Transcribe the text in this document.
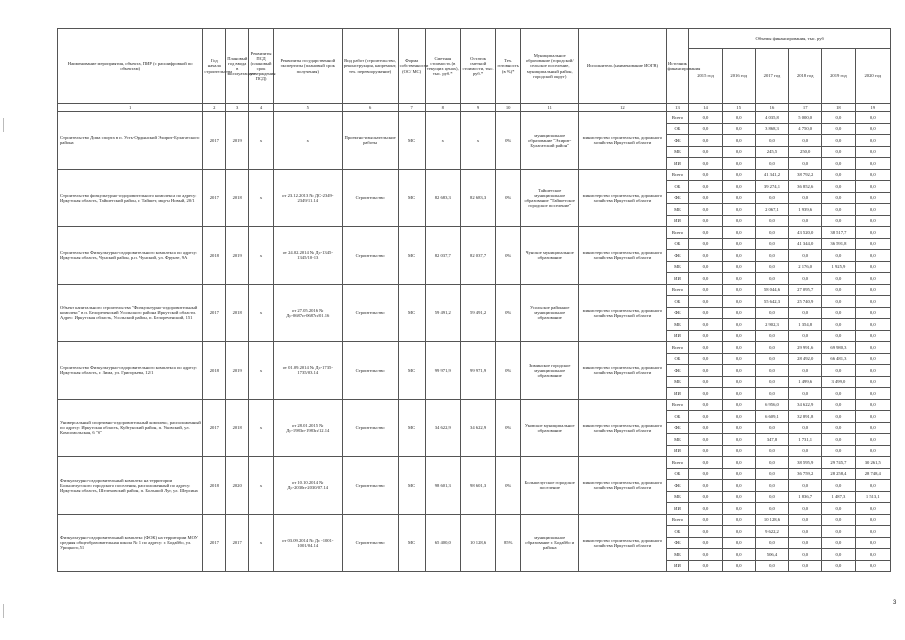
Наименование мероприятия, объекта, ПИР (с расшифровкой по объектам)	Год начала строительства	Плановый год ввода в эксплуатацию	Реквизиты ПСД (плановый срок утверждения ПСД)	Реквизиты государственной экспертизы (плановый срок получения)	Вид работ (строительство, реконструкция, капремонт, тех. перевооружение)	Форма собственности (ОС/ МС)	Сметная стоимость (в текущих ценах), тыс. руб.*	Остаток сметной стоимости, тыс. руб.*	Тех. готовность (в %)*	Муниципальное образование (городской/сельское поселение, муниципальный район, городской округ)	Исполнитель (наименование ИОГВ)	Источник финансирования	Объемы финансирования, тыс. руб					
													2015 год	2016 год	2017 год	2018 год	2019 год	2020 год
1	2	3	4	5	6	7	8	9	10	11	12	13	14	15	16	17	18	19
Строительство Дома спорта в п. Усть-Ордынский Эхирит-Булагатского района	2017	2019	х	х	Проектно-изыскательские работы	МС	х	х	0%	муниципальное образование "Эхирит-Булагатский район"	министерство строительства, дорожного хозяйства Иркутской области	Всего	0,0	0,0	4 035,8	5 000,0	0,0	0,0
												ОБ	0,0	0,0	3 868,3	4 750,0	0,0	0,0
												ФБ	0,0	0,0	0,0	0,0	0,0	0,0
												МБ	0,0	0,0	245,5	250,0	0,0	0,0
												ИИ	0,0	0,0	0,0	0,0	0,0	0,0
Строительство физкультурно-оздоровительного комплекса по адресу: Иркутская область, Тайшетский район, г. Тайшет, мкр-н Новый, 20/1	2017	2018	х	от 23.12.2013 № ДС-2349-2349/11.14	Строительство	МС	82 683,3	82 683,3	0%	Тайшетское муниципальное образование "Тайшетское городское поселение"	министерство строительства, дорожного хозяйства Иркутской области	Всего	0,0	0,0	41 341,2	38 792,2	0,0	0,0
												ОБ	0,0	0,0	39 274,1	36 852,6	0,0	0,0
												ФБ	0,0	0,0	0,0	0,0	0,0	0,0
												МБ	0,0	0,0	2 067,1	1 939,6	0,0	0,0
												ИИ	0,0	0,0	0,0	0,0	0,0	0,0
Строительство Физкультурно-оздоровительного комплекса по адресу: Иркутская область, Чунский район, р.п. Чунский, ул. Фрунзе, 9А	2018	2019	х	от 24.02.2014 № Дс-1345-1345/10-13	Строительство	МС	82 037,7	82 037,7	0%	Чунское муниципальное образование	министерство строительства, дорожного хозяйства Иркутской области	Всего	0,0	0,0	0,0	43 520,0	38 517,7	0,0
												ОБ	0,0	0,0	0,0	41 344,0	36 591,8	0,0
												ФБ	0,0	0,0	0,0	0,0	0,0	0,0
												МБ	0,0	0,0	0,0	2 176,0	1 925,9	0,0
												ИИ	0,0	0,0	0,0	0,0	0,0	0,0
Объект капитального строительства "Физкультурно-оздоровительный комплекс" в п. Белореченский Усольского района Иркутской области. Адрес: Иркутская область, Усольский район, п. Белореченский, 151	2017	2018	х	от 27.05.2016 № Дс-0687п-0687п/01.16	Строительство	МС	59 491,2	59 491,2	0%	Усольское районное муниципальное образование	министерство строительства, дорожного хозяйства Иркутской области	Всего	0,0	0,0	58 044,6	27 095,7	0,0	0,0
												ОБ	0,0	0,0	55 642,3	25 740,9	0,0	0,0
												ФБ	0,0	0,0	0,0	0,0	0,0	0,0
												МБ	0,0	0,0	2 902,3	1 354,8	0,0	0,0
												ИИ	0,0	0,0	0,0	0,0	0,0	0,0
Строительство Физкультурно-оздоровительного комплекса по адресу: Иркутская область, г. Зима, ул. Григорьева, 12/1	2018	2019	х	от 01.09.2014 № Дс-1735-1735/03.14	Строительство	МС	99 971,9	99 971,9	0%	Зиминское городское муниципальное образование	министерство строительства, дорожного хозяйства Иркутской области	Всего	0,0	0,0	0,0	29 991,6	69 980,3	0,0
												ОБ	0,0	0,0	0,0	28 492,0	66 481,3	0,0
												ФБ	0,0	0,0	0,0	0,0	0,0	0,0
												МБ	0,0	0,0	0,0	1 499,6	3 499,0	0,0
												ИИ	0,0	0,0	0,0	0,0	0,0	0,0
Универсальный спортивно-оздоровительный комплекс, расположенный по адресу: Иркутская область, Куйтунский район, п. Уковский, ул. Комсомольская, 6 "б"	2017	2018	х	от 28.01.2015 № Дс-1983п-1983п/12.14	Строительство	МС	34 622,9	34 622,9	0%	Уковское муниципальное образование	министерство строительства, дорожного хозяйства Иркутской области	Всего	0,0	0,0	6 956,0	34 622,9	0,0	0,0
												ОБ	0,0	0,0	6 609,1	32 891,8	0,0	0,0
												ФБ	0,0	0,0	0,0	0,0	0,0	0,0
												МБ	0,0	0,0	347,8	1 731,1	0,0	0,0
												ИИ	0,0	0,0	0,0	0,0	0,0	0,0
Физкультурно-оздоровительный комплекс на территории Большелугского городского поселения, расположенный по адресу: Иркутская область, Шелеховский район, п. Большой Луг, ул. Шерсина	2018	2020	х	от 10.10.2014 № Дс-2030п-2030/07.14	Строительство	МС	98 601,3	98 601,3	0%	Большелугское городское поселение	министерство строительства, дорожного хозяйства Иркутской области	Всего	0,0	0,0	0,0	38 595,9	29 745,7	30 261,5
												ОБ	0,0	0,0	0,0	36 759,2	28 258,4	28 748,4
												ФБ	0,0	0,0	0,0	0,0	0,0	0,0
												МБ	0,0	0,0	0,0	1 836,7	1 487,3	1 513,1
												ИИ	0,0	0,0	0,0	0,0	0,0	0,0
Физкультурно-оздоровительный комплекс (ФОК) на территории МОУ средняя общеобразовательная школа № 1 по адресу: г. Бодайбо, ул. Урицкого,51	2017	2017	х	от 03.09.2014 № Дс -1001-1001/04.14	Строительство	МС	65 400,0	10 128,6	85%	муниципальное образование г. Бодайбо и района	министерство строительства, дорожного хозяйства Иркутской области	Всего	0,0	0,0	10 128,6	0,0	0,0	0,0
												ОБ	0,0	0,0	9 622,2	0,0	0,0	0,0
												ФБ	0,0	0,0	0,0	0,0	0,0	0,0
												МБ	0,0	0,0	506,4	0,0	0,0	0,0
												ИИ	0,0	0,0	0,0	0,0	0,0	0,0
3
